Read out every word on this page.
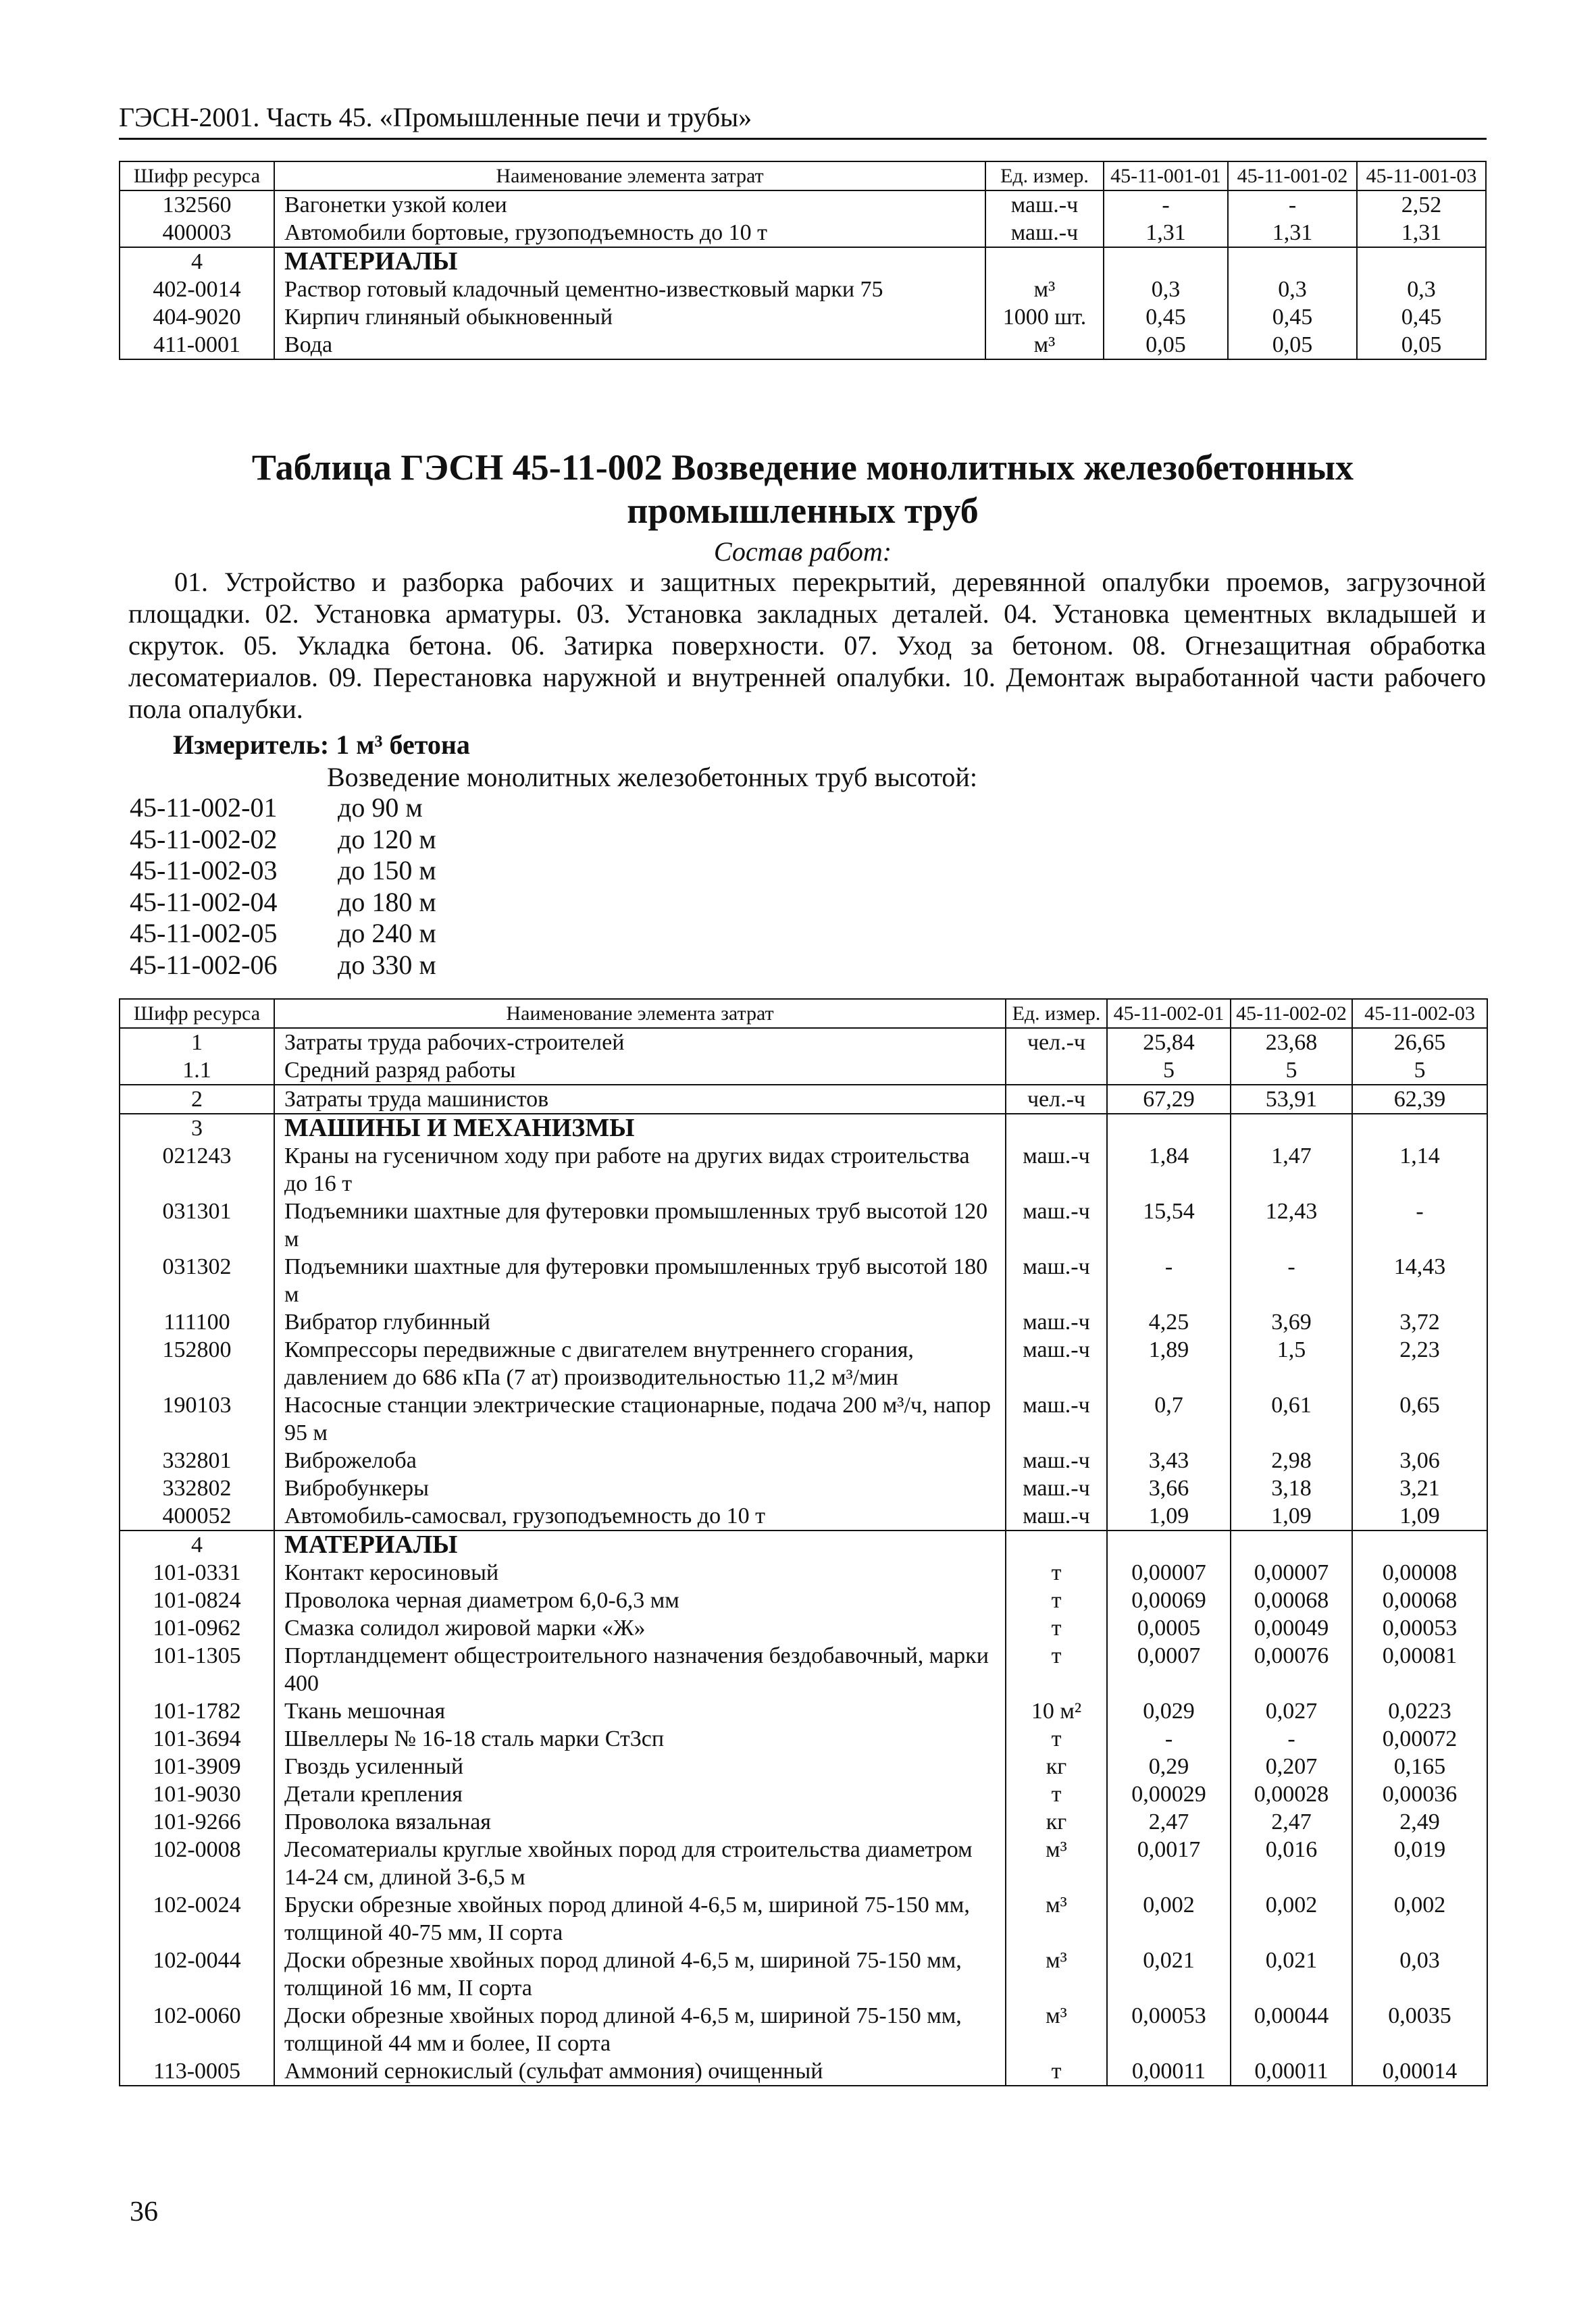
ГЭСН-2001. Часть 45. «Промышленные печи и трубы»
Шифр ресурса	Наименование элемента затрат	Ед. измер.	45-11-001-01	45-11-001-02	45-11-001-03
132560	Вагонетки узкой колеи	маш.-ч	-	-	2,52
400003	Автомобили бортовые, грузоподъемность до 10 т	маш.-ч	1,31	1,31	1,31
4	МАТЕРИАЛЫ				
402-0014	Раствор готовый кладочный цементно-известковый марки 75	м³	0,3	0,3	0,3
404-9020	Кирпич глиняный обыкновенный	1000 шт.	0,45	0,45	0,45
411-0001	Вода	м³	0,05	0,05	0,05
Таблица ГЭСН 45-11-002 Возведение монолитных железобетонных промышленных труб
Состав работ:
01. Устройство и разборка рабочих и защитных перекрытий, деревянной опалубки проемов, загрузочной площадки. 02. Установка арматуры. 03. Установка закладных деталей. 04. Установка цементных вкладышей и скруток. 05. Укладка бетона. 06. Затирка поверхности. 07. Уход за бетоном. 08. Огнезащитная обработка лесоматериалов. 09. Перестановка наружной и внутренней опалубки. 10. Демонтаж выработанной части рабочего пола опалубки.
Измеритель: 1 м³ бетона
Возведение монолитных железобетонных труб высотой:
45-11-002-01	до 90 м
45-11-002-02	до 120 м
45-11-002-03	до 150 м
45-11-002-04	до 180 м
45-11-002-05	до 240 м
45-11-002-06	до 330 м
Шифр ресурса	Наименование элемента затрат	Ед. измер.	45-11-002-01	45-11-002-02	45-11-002-03
1	Затраты труда рабочих-строителей	чел.-ч	25,84	23,68	26,65
1.1	Средний разряд работы		5	5	5
2	Затраты труда машинистов	чел.-ч	67,29	53,91	62,39
3	МАШИНЫ И МЕХАНИЗМЫ				
021243	Краны на гусеничном ходу при работе на других видах строительства до 16 т	маш.-ч	1,84	1,47	1,14
031301	Подъемники шахтные для футеровки промышленных труб высотой 120 м	маш.-ч	15,54	12,43	-
031302	Подъемники шахтные для футеровки промышленных труб высотой 180 м	маш.-ч	-	-	14,43
111100	Вибратор глубинный	маш.-ч	4,25	3,69	3,72
152800	Компрессоры передвижные с двигателем внутреннего сгорания, давлением до 686 кПа (7 ат) производительностью 11,2 м³/мин	маш.-ч	1,89	1,5	2,23
190103	Насосные станции электрические стационарные, подача 200 м³/ч, напор 95 м	маш.-ч	0,7	0,61	0,65
332801	Виброжелоба	маш.-ч	3,43	2,98	3,06
332802	Вибробункеры	маш.-ч	3,66	3,18	3,21
400052	Автомобиль-самосвал, грузоподъемность до 10 т	маш.-ч	1,09	1,09	1,09
4	МАТЕРИАЛЫ				
101-0331	Контакт керосиновый	т	0,00007	0,00007	0,00008
101-0824	Проволока черная диаметром 6,0-6,3 мм	т	0,00069	0,00068	0,00068
101-0962	Смазка солидол жировой марки «Ж»	т	0,0005	0,00049	0,00053
101-1305	Портландцемент общестроительного назначения бездобавочный, марки 400	т	0,0007	0,00076	0,00081
101-1782	Ткань мешочная	10 м²	0,029	0,027	0,0223
101-3694	Швеллеры № 16-18 сталь марки Ст3сп	т	-	-	0,00072
101-3909	Гвоздь усиленный	кг	0,29	0,207	0,165
101-9030	Детали крепления	т	0,00029	0,00028	0,00036
101-9266	Проволока вязальная	кг	2,47	2,47	2,49
102-0008	Лесоматериалы круглые хвойных пород для строительства диаметром 14-24 см, длиной 3-6,5 м	м³	0,0017	0,016	0,019
102-0024	Бруски обрезные хвойных пород длиной 4-6,5 м, шириной 75-150 мм, толщиной 40-75 мм, II сорта	м³	0,002	0,002	0,002
102-0044	Доски обрезные хвойных пород длиной 4-6,5 м, шириной 75-150 мм, толщиной 16 мм, II сорта	м³	0,021	0,021	0,03
102-0060	Доски обрезные хвойных пород длиной 4-6,5 м, шириной 75-150 мм, толщиной 44 мм и более, II сорта	м³	0,00053	0,00044	0,0035
113-0005	Аммоний сернокислый (сульфат аммония) очищенный	т	0,00011	0,00011	0,00014
36
